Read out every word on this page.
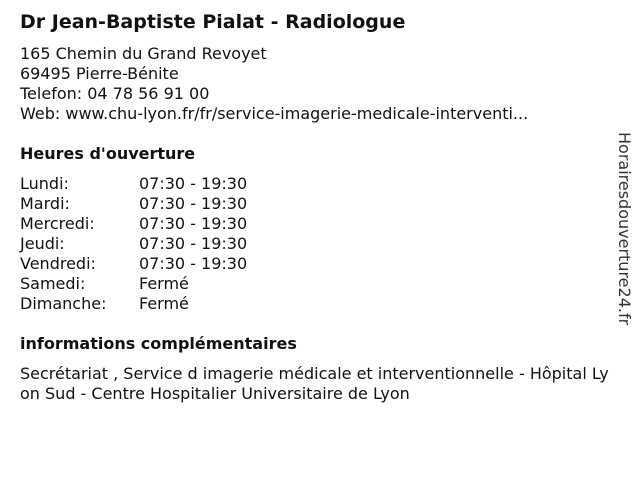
Dr Jean-Baptiste Pialat - Radiologue
165 Chemin du Grand Revoyet
69495 Pierre-Bénite
Telefon: 04 78 56 91 00
Web: www.chu-lyon.fr/fr/service-imagerie-medicale-interventi...
Heures d'ouverture
Lundi:	07:30 - 19:30
Mardi:	07:30 - 19:30
Mercredi:	07:30 - 19:30
Jeudi:	07:30 - 19:30
Vendredi:	07:30 - 19:30
Samedi:	Fermé
Dimanche: Fermé
informations complémentaires
Secrétariat , Service d imagerie médicale et interventionnelle - Hôpital Lyon Sud - Centre Hospitalier Universitaire de Lyon
Horairesdouverture24.fr
